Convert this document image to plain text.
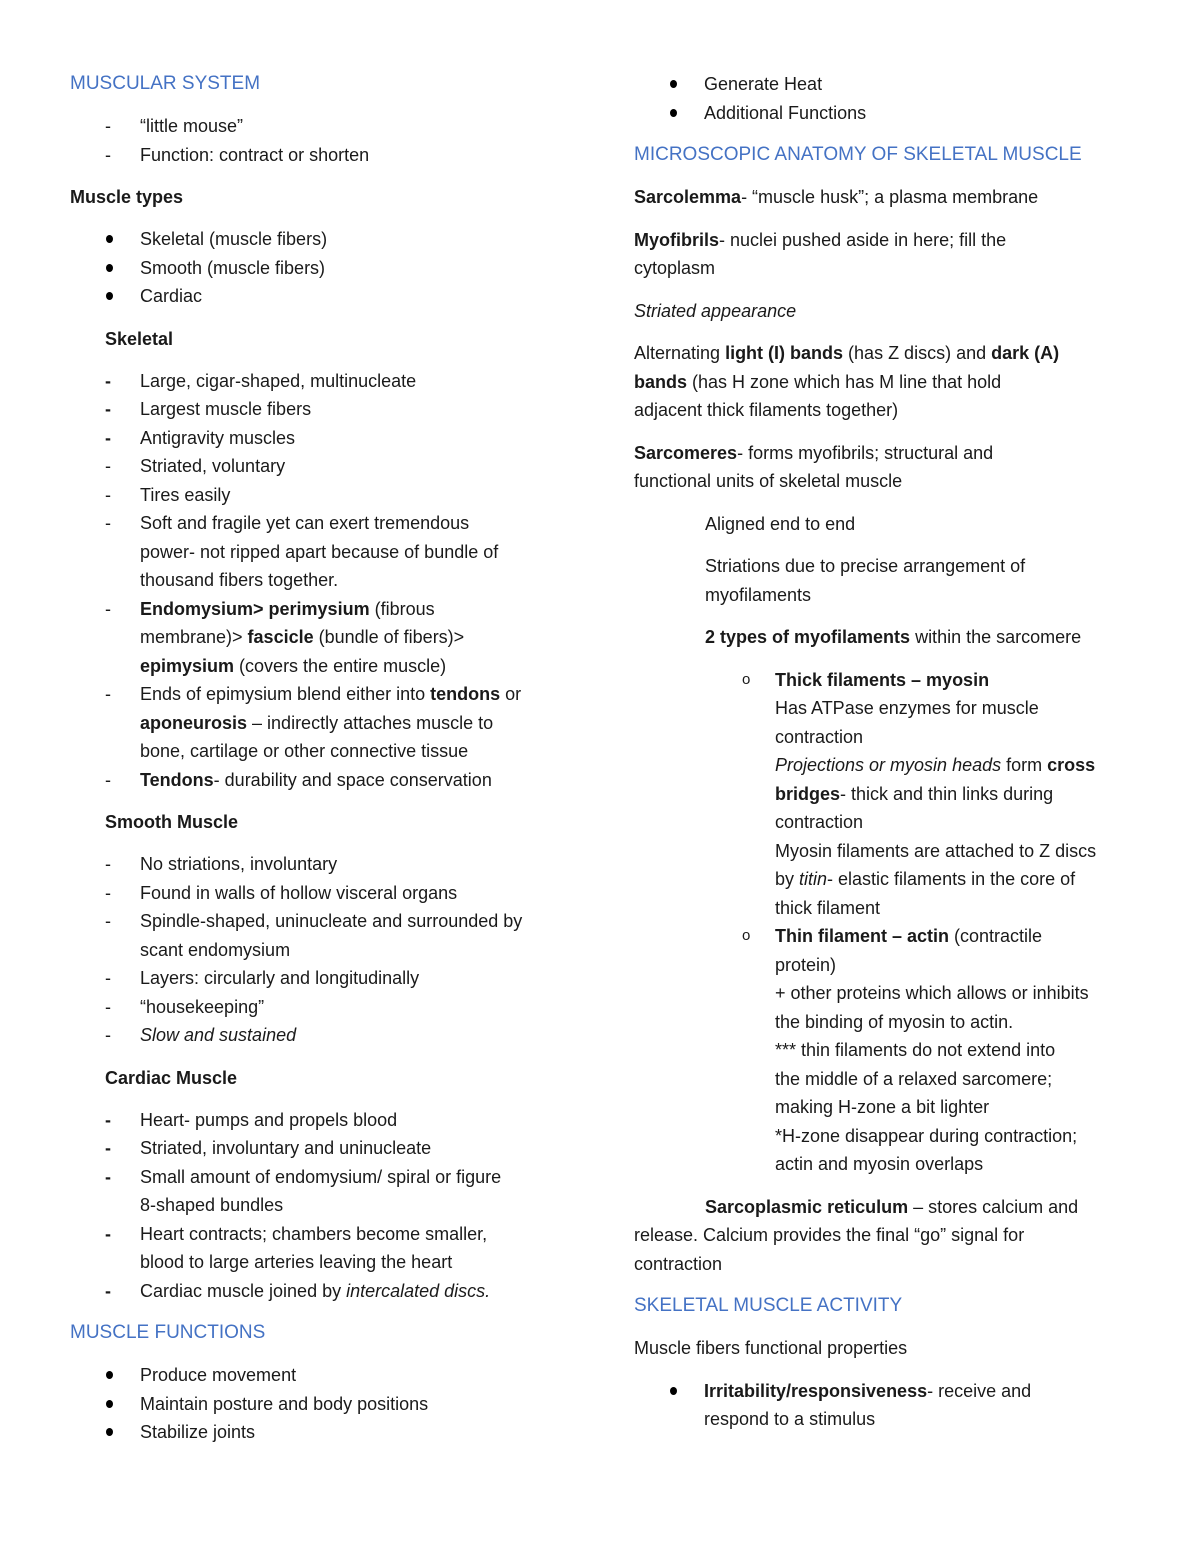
MUSCULAR SYSTEM
- “little mouse”
- Function: contract or shorten
Muscle types
Skeletal (muscle fibers)
Smooth (muscle fibers)
Cardiac
Skeletal
- Large, cigar-shaped, multinucleate
- Largest muscle fibers
- Antigravity muscles
- Striated, voluntary
- Tires easily
- Soft and fragile yet can exert tremendous
power- not ripped apart because of bundle of
thousand fibers together.
- Endomysium> perimysium (fibrous
membrane)> fascicle (bundle of fibers)>
epimysium (covers the entire muscle)
- Ends of epimysium blend either into tendons or
aponeurosis – indirectly attaches muscle to
bone, cartilage or other connective tissue
- Tendons- durability and space conservation
Smooth Muscle
- No striations, involuntary
- Found in walls of hollow visceral organs
- Spindle-shaped, uninucleate and surrounded by
scant endomysium
- Layers: circularly and longitudinally
- “housekeeping”
- Slow and sustained
Cardiac Muscle
- Heart- pumps and propels blood
- Striated, involuntary and uninucleate
- Small amount of endomysium/ spiral or figure
8-shaped bundles
- Heart contracts; chambers become smaller,
blood to large arteries leaving the heart
- Cardiac muscle joined by intercalated discs.
MUSCLE FUNCTIONS
Produce movement
Maintain posture and body positions
Stabilize joints
Generate Heat
Additional Functions
MICROSCOPIC ANATOMY OF SKELETAL MUSCLE
Sarcolemma- “muscle husk”; a plasma membrane
Myofibrils- nuclei pushed aside in here; fill the
cytoplasm
Striated appearance
Alternating light (I) bands (has Z discs) and dark (A)
bands (has H zone which has M line that hold
adjacent thick filaments together)
Sarcomeres- forms myofibrils; structural and
functional units of skeletal muscle
Aligned end to end
Striations due to precise arrangement of
myofilaments
2 types of myofilaments within the sarcomere
o Thick filaments – myosin
Has ATPase enzymes for muscle
contraction
Projections or myosin heads form cross
bridges- thick and thin links during
contraction
Myosin filaments are attached to Z discs
by titin- elastic filaments in the core of
thick filament
o Thin filament – actin (contractile
protein)
+ other proteins which allows or inhibits
the binding of myosin to actin.
*** thin filaments do not extend into
the middle of a relaxed sarcomere;
making H-zone a bit lighter
*H-zone disappear during contraction;
actin and myosin overlaps
Sarcoplasmic reticulum – stores calcium and
release. Calcium provides the final “go” signal for
contraction
SKELETAL MUSCLE ACTIVITY
Muscle fibers functional properties
Irritability/responsiveness- receive and
respond to a stimulus
